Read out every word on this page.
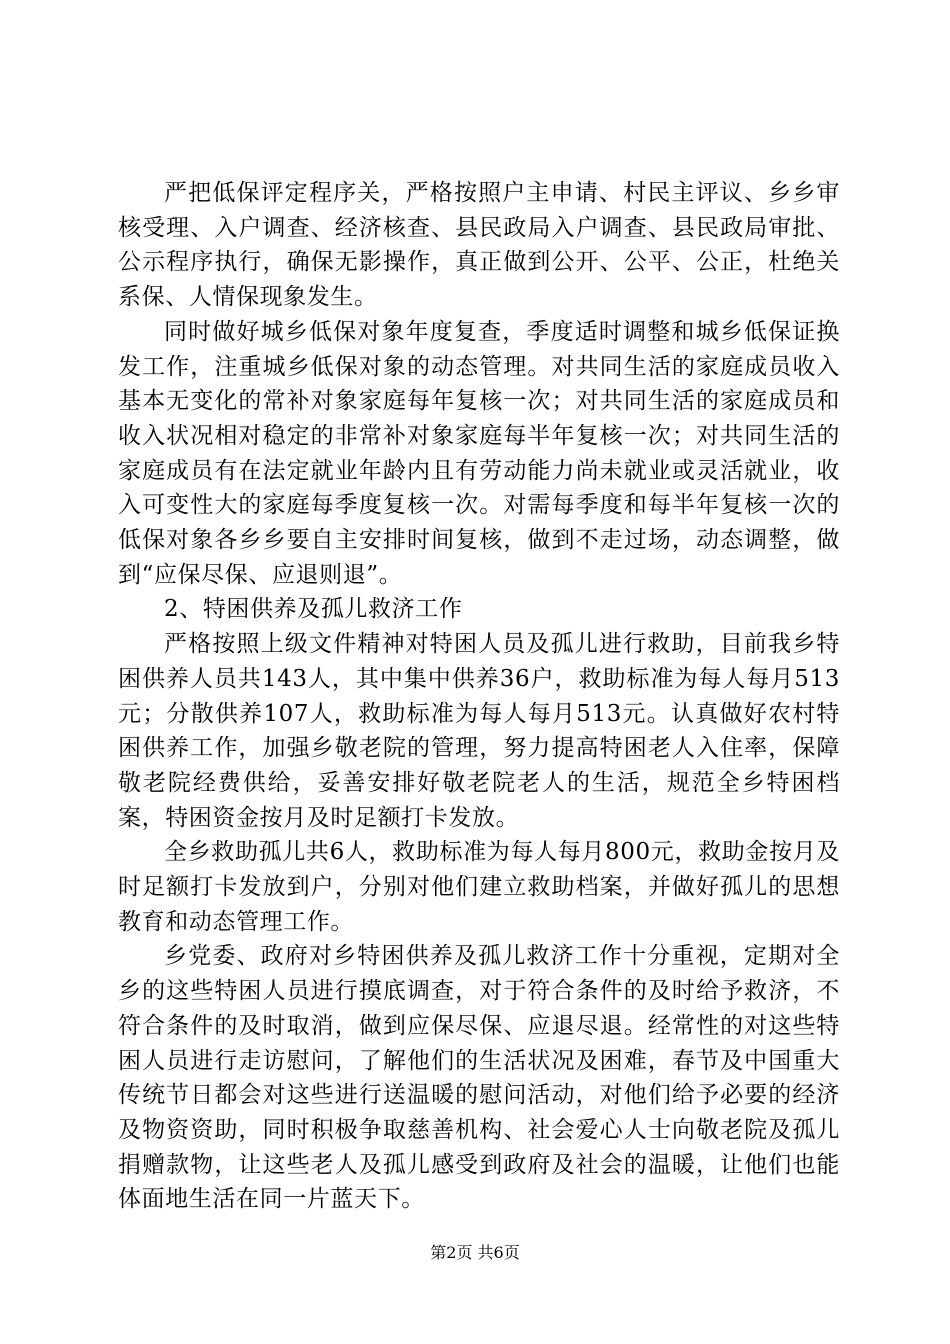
严把低保评定程序关，严格按照户主申请、村民主评议、乡乡审核受理、入户调查、经济核查、县民政局入户调查、县民政局审批、公示程序执行，确保无影操作，真正做到公开、公平、公正，杜绝关系保、人情保现象发生。

同时做好城乡低保对象年度复查，季度适时调整和城乡低保证换发工作，注重城乡低保对象的动态管理。对共同生活的家庭成员收入基本无变化的常补对象家庭每年复核一次；对共同生活的家庭成员和收入状况相对稳定的非常补对象家庭每半年复核一次；对共同生活的家庭成员有在法定就业年龄内且有劳动能力尚未就业或灵活就业，收入可变性大的家庭每季度复核一次。对需每季度和每半年复核一次的低保对象各乡乡要自主安排时间复核，做到不走过场，动态调整，做到“应保尽保、应退则退”。

2、特困供养及孤儿救济工作

严格按照上级文件精神对特困人员及孤儿进行救助，目前我乡特困供养人员共143人，其中集中供养36户，救助标准为每人每月513元；分散供养107人，救助标准为每人每月513元。认真做好农村特困供养工作，加强乡敬老院的管理，努力提高特困老人入住率，保障敬老院经费供给，妥善安排好敬老院老人的生活，规范全乡特困档案，特困资金按月及时足额打卡发放。

全乡救助孤儿共6人，救助标准为每人每月800元，救助金按月及时足额打卡发放到户，分别对他们建立救助档案，并做好孤儿的思想教育和动态管理工作。

乡党委、政府对乡特困供养及孤儿救济工作十分重视，定期对全乡的这些特困人员进行摸底调查，对于符合条件的及时给予救济，不符合条件的及时取消，做到应保尽保、应退尽退。经常性的对这些特困人员进行走访慰问，了解他们的生活状况及困难，春节及中国重大传统节日都会对这些进行送温暖的慰问活动，对他们给予必要的经济及物资资助，同时积极争取慈善机构、社会爱心人士向敬老院及孤儿捐赠款物，让这些老人及孤儿感受到政府及社会的温暖，让他们也能体面地生活在同一片蓝天下。

第2页 共6页
